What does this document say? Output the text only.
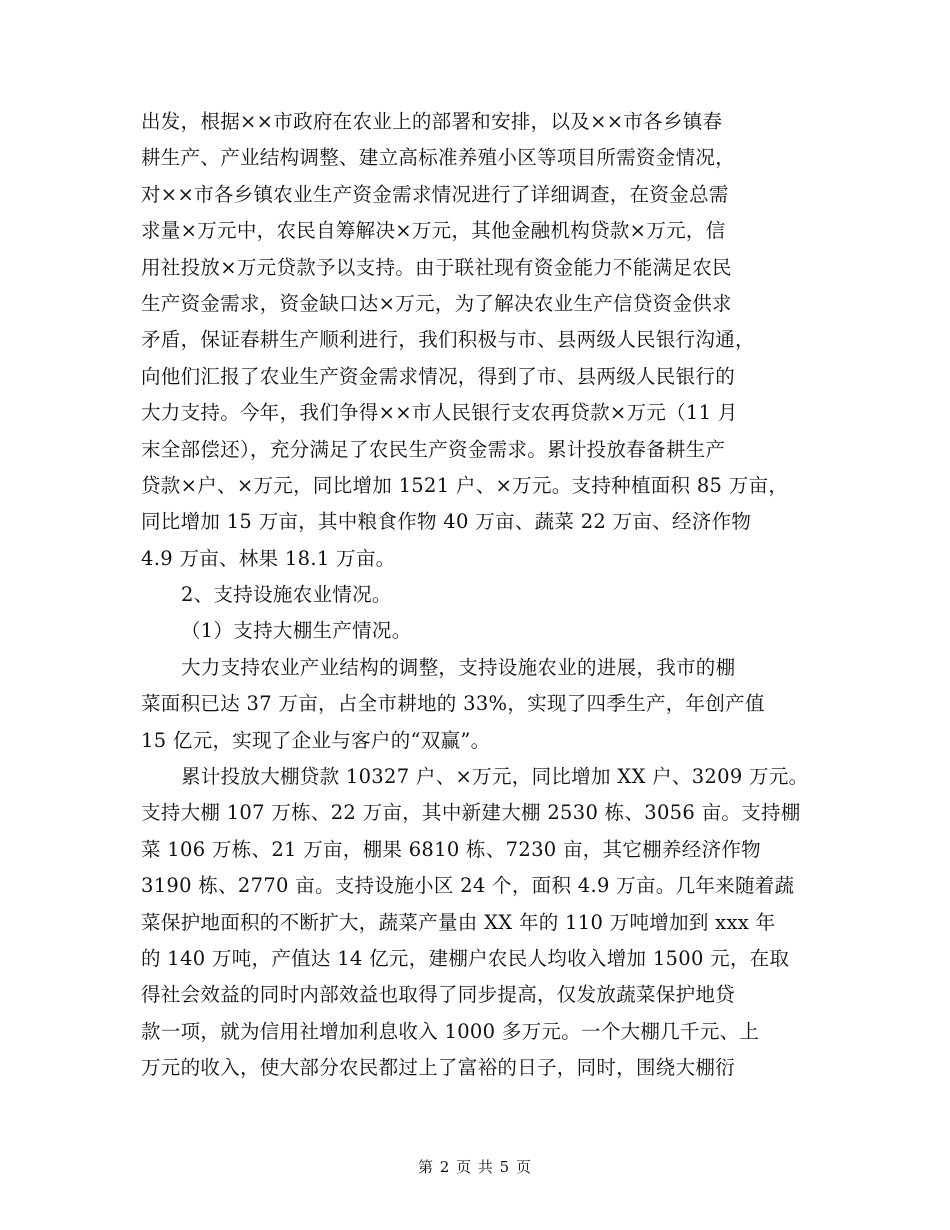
出发，根据××市政府在农业上的部署和安排，以及××市各乡镇春
耕生产、产业结构调整、建立高标准养殖小区等项目所需资金情况，
对××市各乡镇农业生产资金需求情况进行了详细调查，在资金总需
求量×万元中，农民自筹解决×万元，其他金融机构贷款×万元，信
用社投放×万元贷款予以支持。由于联社现有资金能力不能满足农民
生产资金需求，资金缺口达×万元，为了解决农业生产信贷资金供求
矛盾，保证春耕生产顺利进行，我们积极与市、县两级人民银行沟通，
向他们汇报了农业生产资金需求情况，得到了市、县两级人民银行的
大力支持。今年，我们争得××市人民银行支农再贷款×万元（11 月
末全部偿还），充分满足了农民生产资金需求。累计投放春备耕生产
贷款×户、×万元，同比增加 1521 户、×万元。支持种植面积 85 万亩，
同比增加 15 万亩，其中粮食作物 40 万亩、蔬菜 22 万亩、经济作物
4.9 万亩、林果 18.1 万亩。
2、支持设施农业情况。
（1）支持大棚生产情况。
大力支持农业产业结构的调整，支持设施农业的进展，我市的棚
菜面积已达 37 万亩，占全市耕地的 33%，实现了四季生产，年创产值
15 亿元，实现了企业与客户的“双赢”。
累计投放大棚贷款 10327 户、×万元，同比增加 XX 户、3209 万元。
支持大棚 107 万栋、22 万亩，其中新建大棚 2530 栋、3056 亩。支持棚
菜 106 万栋、21 万亩，棚果 6810 栋、7230 亩，其它棚养经济作物
3190 栋、2770 亩。支持设施小区 24 个，面积 4.9 万亩。几年来随着蔬
菜保护地面积的不断扩大，蔬菜产量由 XX 年的 110 万吨增加到 xxx 年
的 140 万吨，产值达 14 亿元，建棚户农民人均收入增加 1500 元，在取
得社会效益的同时内部效益也取得了同步提高，仅发放蔬菜保护地贷
款一项，就为信用社增加利息收入 1000 多万元。一个大棚几千元、上
万元的收入，使大部分农民都过上了富裕的日子，同时，围绕大棚衍
第 2 页 共 5 页
